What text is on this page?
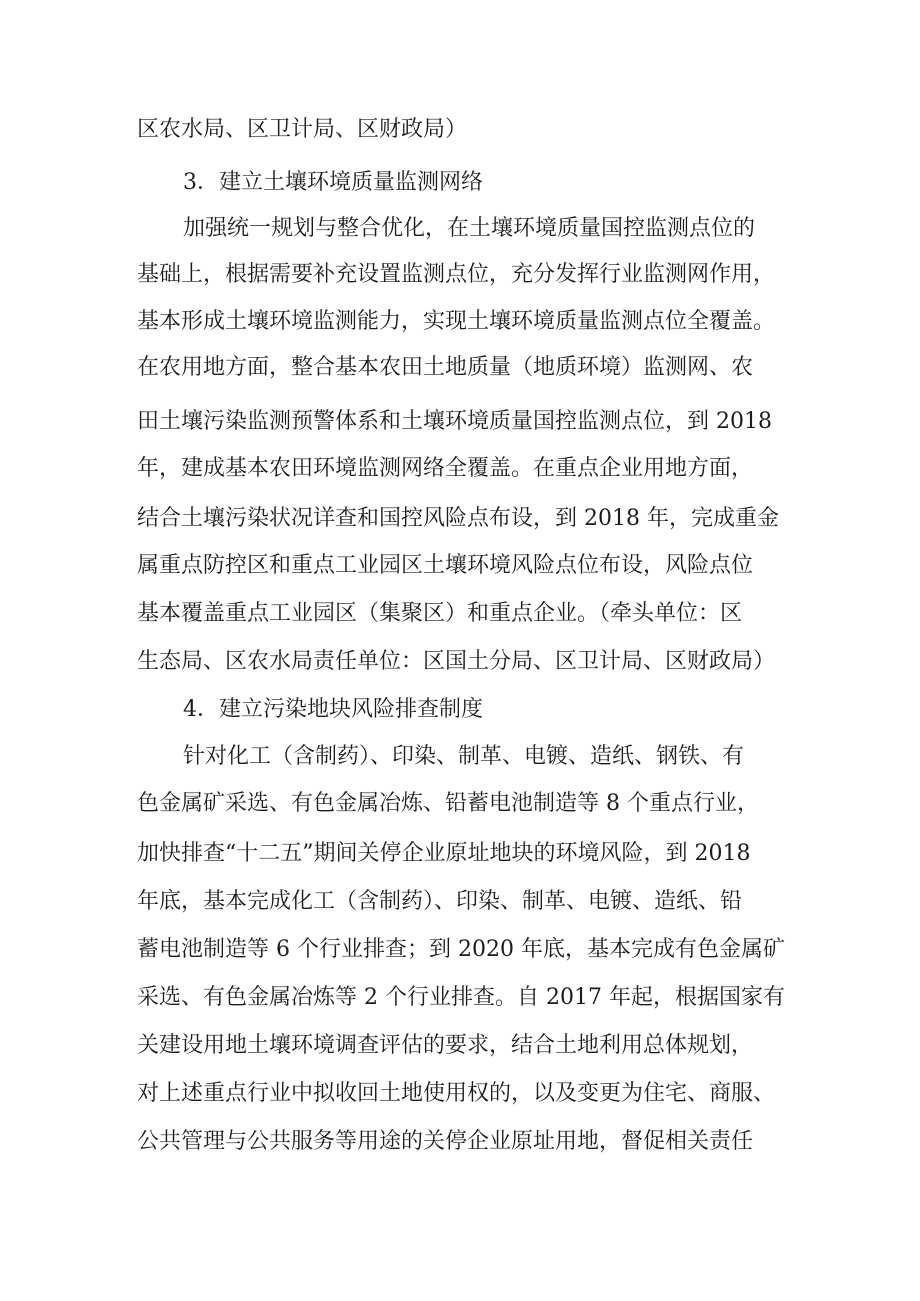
区农水局、区卫计局、区财政局）
3．建立土壤环境质量监测网络
加强统一规划与整合优化，在土壤环境质量国控监测点位的
基础上，根据需要补充设置监测点位，充分发挥行业监测网作用，
基本形成土壤环境监测能力，实现土壤环境质量监测点位全覆盖。
在农用地方面，整合基本农田土地质量（地质环境）监测网、农
田土壤污染监测预警体系和土壤环境质量国控监测点位，到 2018
年，建成基本农田环境监测网络全覆盖。在重点企业用地方面，
结合土壤污染状况详查和国控风险点布设，到 2018 年，完成重金
属重点防控区和重点工业园区土壤环境风险点位布设，风险点位
基本覆盖重点工业园区（集聚区）和重点企业。（牵头单位：区
生态局、区农水局责任单位：区国土分局、区卫计局、区财政局）
4．建立污染地块风险排查制度
针对化工（含制药）、印染、制革、电镀、造纸、钢铁、有
色金属矿采选、有色金属冶炼、铅蓄电池制造等 8 个重点行业，
加快排查“十二五”期间关停企业原址地块的环境风险，到 2018
年底，基本完成化工（含制药）、印染、制革、电镀、造纸、铅
蓄电池制造等 6 个行业排查；到 2020 年底，基本完成有色金属矿
采选、有色金属冶炼等 2 个行业排查。自 2017 年起，根据国家有
关建设用地土壤环境调查评估的要求，结合土地利用总体规划，
对上述重点行业中拟收回土地使用权的，以及变更为住宅、商服、
公共管理与公共服务等用途的关停企业原址用地，督促相关责任
